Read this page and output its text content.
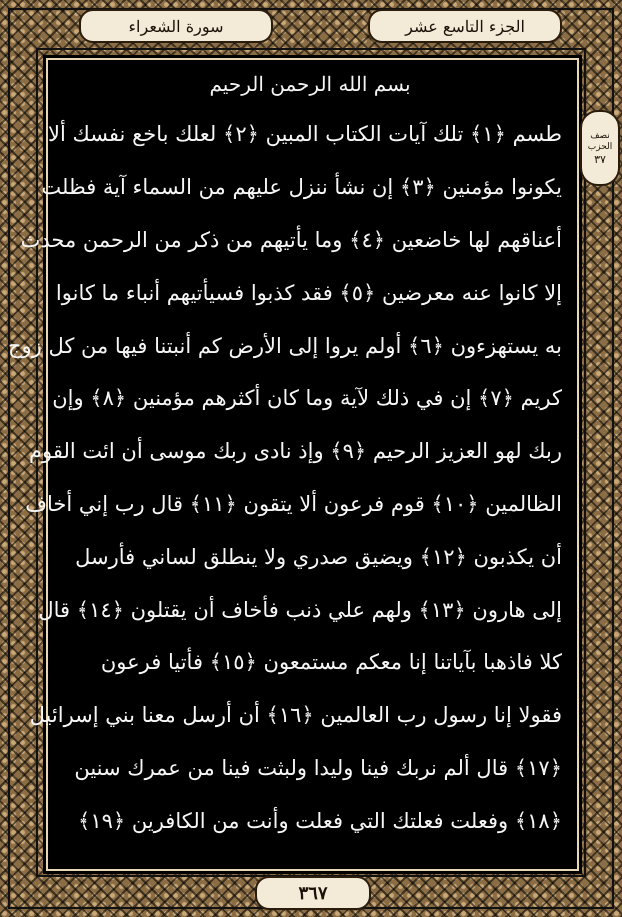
الجزء التاسع عشر
سورة الشعراء
نصف
الحزب
٣٧
بسم الله الرحمن الرحيم
طسم ﴿١﴾ تلك آيات الكتاب المبين ﴿٢﴾ لعلك باخع نفسك ألا
يكونوا مؤمنين ﴿٣﴾ إن نشأ ننزل عليهم من السماء آية فظلت
أعناقهم لها خاضعين ﴿٤﴾ وما يأتيهم من ذكر من الرحمن محدث
إلا كانوا عنه معرضين ﴿٥﴾ فقد كذبوا فسيأتيهم أنباء ما كانوا
به يستهزءون ﴿٦﴾ أولم يروا إلى الأرض كم أنبتنا فيها من كل زوج
كريم ﴿٧﴾ إن في ذلك لآية وما كان أكثرهم مؤمنين ﴿٨﴾ وإن
ربك لهو العزيز الرحيم ﴿٩﴾ وإذ نادى ربك موسى أن ائت القوم
الظالمين ﴿١٠﴾ قوم فرعون ألا يتقون ﴿١١﴾ قال رب إني أخاف
أن يكذبون ﴿١٢﴾ ويضيق صدري ولا ينطلق لساني فأرسل
إلى هارون ﴿١٣﴾ ولهم علي ذنب فأخاف أن يقتلون ﴿١٤﴾ قال
كلا فاذهبا بآياتنا إنا معكم مستمعون ﴿١٥﴾ فأتيا فرعون
فقولا إنا رسول رب العالمين ﴿١٦﴾ أن أرسل معنا بني إسرائيل
﴿١٧﴾ قال ألم نربك فينا وليدا ولبثت فينا من عمرك سنين
﴿١٨﴾ وفعلت فعلتك التي فعلت وأنت من الكافرين ﴿١٩﴾
٣٦٧
